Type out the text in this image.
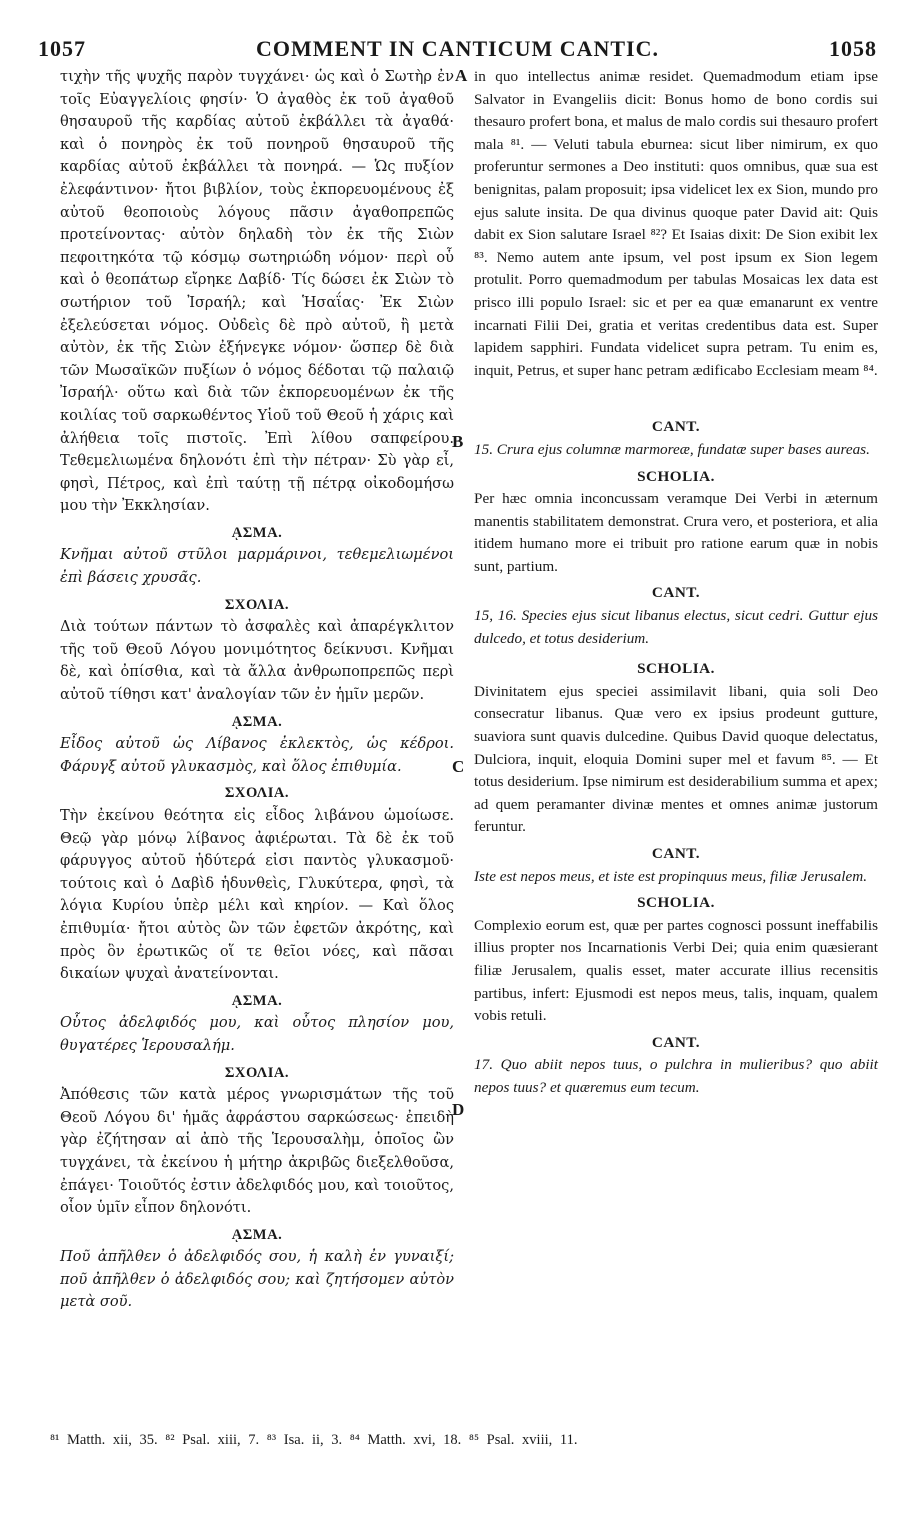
1057	COMMENT IN CANTICUM CANTIC.	1058
A
B
C
D

τιχὴν τῆς ψυχῆς παρὸν τυγχάνει· ὡς καὶ ὁ Σωτὴρ ἐν τοῖς Εὐαγγελίοις φησίν· Ὁ ἀγαθὸς ἐκ τοῦ ἀγαθοῦ θησαυροῦ τῆς καρδίας αὐτοῦ ἐκβάλλει τὰ ἀγαθά· καὶ ὁ πονηρὸς ἐκ τοῦ πονηροῦ θησαυροῦ τῆς καρδίας αὐτοῦ ἐκβάλλει τὰ πονηρά. — Ὡς πυξίον ἐλεφάντινον· ἤτοι βιβλίον, τοὺς ἐκπορευομένους ἐξ αὐτοῦ θεοποιοὺς λόγους πᾶσιν ἀγαθοπρεπῶς προτείνοντας· αὐτὸν δηλαδὴ τὸν ἐκ τῆς Σιὼν πεφοιτηκότα τῷ κόσμῳ σωτηριώδη νόμον· περὶ οὗ καὶ ὁ θεοπάτωρ εἴρηκε Δαβίδ· Τίς δώσει ἐκ Σιὼν τὸ σωτήριον τοῦ Ἰσραήλ; καὶ Ἡσαΐας· Ἐκ Σιὼν ἐξελεύσεται νόμος. Οὐδεὶς δὲ πρὸ αὐτοῦ, ἢ μετὰ αὐτὸν, ἐκ τῆς Σιὼν ἐξήνεγκε νόμον· ὥσπερ δὲ διὰ τῶν Μωσαϊκῶν πυξίων ὁ νόμος δέδοται τῷ παλαιῷ Ἰσραήλ· οὕτω καὶ διὰ τῶν ἐκπορευομένων ἐκ τῆς κοιλίας τοῦ σαρκωθέντος Υἱοῦ τοῦ Θεοῦ ἡ χάρις καὶ ἀλήθεια τοῖς πιστοῖς. Ἐπὶ λίθου σαπφείρου. Τεθεμελιωμένα δηλονότι ἐπὶ τὴν πέτραν· Σὺ γὰρ εἶ, φησὶ, Πέτρος, καὶ ἐπὶ ταύτῃ τῇ πέτρᾳ οἰκοδομήσω μου τὴν Ἐκκλησίαν.

ᾼΣΜΑ.

Κνῆμαι αὐτοῦ στῦλοι μαρμάρινοι, τεθεμελιωμένοι ἐπὶ βάσεις χρυσᾶς.

ΣΧΟΛΙΑ.

Διὰ τούτων πάντων τὸ ἀσφαλὲς καὶ ἀπαρέγκλιτον τῆς τοῦ Θεοῦ Λόγου μονιμότητος δείκνυσι. Κνῆμαι δὲ, καὶ ὀπίσθια, καὶ τὰ ἄλλα ἀνθρωποπρεπῶς περὶ αὐτοῦ τίθησι κατ' ἀναλογίαν τῶν ἐν ἡμῖν μερῶν.

ᾼΣΜΑ.

Εἶδος αὐτοῦ ὡς Λίβανος ἐκλεκτὸς, ὡς κέδροι. Φάρυγξ αὐτοῦ γλυκασμὸς, καὶ ὅλος ἐπιθυμία.

ΣΧΟΛΙΑ.

Τὴν ἐκείνου θεότητα εἰς εἶδος λιβάνου ὡμοίωσε. Θεῷ γὰρ μόνῳ λίβανος ἀφιέρωται. Τὰ δὲ ἐκ τοῦ φάρυγγος αὐτοῦ ἡδύτερά εἰσι παντὸς γλυκασμοῦ· τούτοις καὶ ὁ Δαβὶδ ἡδυνθεὶς, Γλυκύτερα, φησὶ, τὰ λόγια Κυρίου ὑπὲρ μέλι καὶ κηρίον. — Καὶ ὅλος ἐπιθυμία· ἤτοι αὐτὸς ὢν τῶν ἐφετῶν ἀκρότης, καὶ πρὸς ὃν ἐρωτικῶς οἵ τε θεῖοι νόες, καὶ πᾶσαι δικαίων ψυχαὶ ἀνατείνονται.

ᾼΣΜΑ.

Οὗτος ἀδελφιδός μου, καὶ οὗτος πλησίον μου, θυγατέρες Ἱερουσαλήμ.

ΣΧΟΛΙΑ.

Ἀπόθεσις τῶν κατὰ μέρος γνωρισμάτων τῆς τοῦ Θεοῦ Λόγου δι' ἡμᾶς ἀφράστου σαρκώσεως· ἐπειδὴ γὰρ ἐζήτησαν αἱ ἀπὸ τῆς Ἱερουσαλὴμ, ὁποῖος ὢν τυγχάνει, τὰ ἐκείνου ἡ μήτηρ ἀκριβῶς διεξελθοῦσα, ἐπάγει· Τοιοῦτός ἐστιν ἀδελφιδός μου, καὶ τοιοῦτος, οἷον ὑμῖν εἶπον δηλονότι.

ᾼΣΜΑ.

Ποῦ ἀπῆλθεν ὁ ἀδελφιδός σου, ἡ καλὴ ἐν γυναιξί; ποῦ ἀπῆλθεν ὁ ἀδελφιδός σου; καὶ ζητήσομεν αὐτὸν μετὰ σοῦ.

in quo intellectus animæ residet. Quemadmodum etiam ipse Salvator in Evangeliis dicit: Bonus homo de bono cordis sui thesauro profert bona, et malus de malo cordis sui thesauro profert mala ⁸¹. — Veluti tabula eburnea: sicut liber nimirum, ex quo proferuntur sermones a Deo instituti: quos omnibus, quæ sua est benignitas, palam proposuit; ipsa videlicet lex ex Sion, mundo pro ejus salute insita. De qua divinus quoque pater David ait: Quis dabit ex Sion salutare Israel ⁸²? Et Isaias dixit: De Sion exibit lex ⁸³. Nemo autem ante ipsum, vel post ipsum ex Sion legem protulit. Porro quemadmodum per tabulas Mosaicas lex data est prisco illi populo Israel: sic et per ea quæ emanarunt ex ventre incarnati Filii Dei, gratia et veritas credentibus data est. Super lapidem sapphiri. Fundata videlicet supra petram. Tu enim es, inquit, Petrus, et super hanc petram ædificabo Ecclesiam meam ⁸⁴.

CANT.

15. Crura ejus columnæ marmoreæ, fundatæ super bases aureas.

SCHOLIA.

Per hæc omnia inconcussam veramque Dei Verbi in æternum manentis stabilitatem demonstrat. Crura vero, et posteriora, et alia itidem humano more ei tribuit pro ratione earum quæ in nobis sunt, partium.

CANT.

15, 16. Species ejus sicut libanus electus, sicut cedri. Guttur ejus dulcedo, et totus desiderium.

SCHOLIA.

Divinitatem ejus speciei assimilavit libani, quia soli Deo consecratur libanus. Quæ vero ex ipsius prodeunt gutture, suaviora sunt quavis dulcedine. Quibus David quoque delectatus, Dulciora, inquit, eloquia Domini super mel et favum ⁸⁵. — Et totus desiderium. Ipse nimirum est desiderabilium summa et apex; ad quem peramanter divinæ mentes et omnes animæ justorum feruntur.

CANT.

Iste est nepos meus, et iste est propinquus meus, filiæ Jerusalem.

SCHOLIA.

Complexio eorum est, quæ per partes cognosci possunt ineffabilis illius propter nos Incarnationis Verbi Dei; quia enim quæsierant filiæ Jerusalem, qualis esset, mater accurate illius recensitis partibus, infert: Ejusmodi est nepos meus, talis, inquam, qualem vobis retuli.

CANT.

17. Quo abiit nepos tuus, o pulchra in mulieribus? quo abiit nepos tuus? et quæremus eum tecum.

⁸¹ Matth. xii, 35. ⁸² Psal. xiii, 7. ⁸³ Isa. ii, 3. ⁸⁴ Matth. xvi, 18. ⁸⁵ Psal. xviii, 11.
